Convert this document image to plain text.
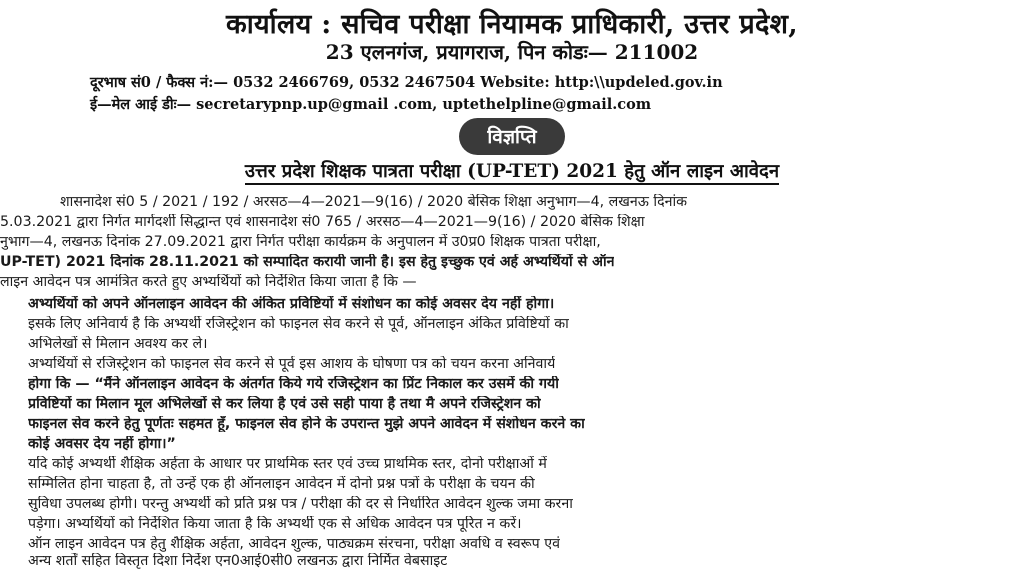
कार्यालय : सचिव परीक्षा नियामक प्राधिकारी, उत्तर प्रदेश,
23 एलनगंज, प्रयागराज, पिन कोडः— 211002
दूरभाष सं0 / फैक्स नं:— 0532 2466769, 0532 2467504 Website: http:\\updeled.gov.in
ई—मेल आई डीः— secretarypnp.up@gmail .com, uptethelpline@gmail.com
विज्ञप्ति
उत्तर प्रदेश शिक्षक पात्रता परीक्षा (UP-TET) 2021 हेतु ऑन लाइन आवेदन
शासनादेश सं0 5 / 2021 / 192 / अरसठ—4—2021—9(16) / 2020 बेसिक शिक्षा अनुभाग—4, लखनऊ दिनांक
5.03.2021 द्वारा निर्गत मार्गदर्शी सिद्धान्त एवं शासनादेश सं0 765 / अरसठ—4—2021—9(16) / 2020 बेसिक शिक्षा
नुभाग—4, लखनऊ दिनांक 27.09.2021 द्वारा निर्गत परीक्षा कार्यक्रम के अनुपालन में उ0प्र0 शिक्षक पात्रता परीक्षा,
UP-TET) 2021 दिनांक 28.11.2021 को सम्पादित करायी जानी है। इस हेतु इच्छुक एवं अर्ह अभ्यर्थियों से ऑन
लाइन आवेदन पत्र आमंत्रित करते हुए अभ्यर्थियों को निर्देशित किया जाता है कि —
अभ्यर्थियों को अपने ऑनलाइन आवेदन की अंकित प्रविष्टियों में संशोधन का कोई अवसर देय नहीं होगा।
इसके लिए अनिवार्य है कि अभ्यर्थी रजिस्ट्रेशन को फाइनल सेव करने से पूर्व, ऑनलाइन अंकित प्रविष्टियों का
अभिलेखों से मिलान अवश्य कर ले।
अभ्यर्थियों से रजिस्ट्रेशन को फाइनल सेव करने से पूर्व इस आशय के घोषणा पत्र को चयन करना अनिवार्य
होगा कि — “मैंने ऑनलाइन आवेदन के अंतर्गत किये गये रजिस्ट्रेशन का प्रिंट निकाल कर उसमें की गयी
प्रविष्टियों का मिलान मूल अभिलेखों से कर लिया है एवं उसे सही पाया है तथा मै अपने रजिस्ट्रेशन को
फाइनल सेव करने हेतु पूर्णतः सहमत हूँ, फाइनल सेव होने के उपरान्त मुझे अपने आवेदन में संशोधन करने का
कोई अवसर देय नहीं होगा।”
यदि कोई अभ्यर्थी शैक्षिक अर्हता के आधार पर प्राथमिक स्तर एवं उच्च प्राथमिक स्तर, दोनो परीक्षाओं में
सम्मिलित होना चाहता है, तो उन्हें एक ही ऑनलाइन आवेदन में दोनो प्रश्न पत्रों के परीक्षा के चयन की
सुविधा उपलब्ध होगी। परन्तु अभ्यर्थी को प्रति प्रश्न पत्र / परीक्षा की दर से निर्धारित आवेदन शुल्क जमा करना
पड़ेगा। अभ्यर्थियों को निर्देशित किया जाता है कि अभ्यर्थी एक से अधिक आवेदन पत्र पूरित न करें।
ऑन लाइन आवेदन पत्र हेतु शैक्षिक अर्हता, आवेदन शुल्क, पाठ्यक्रम संरचना, परीक्षा अवधि व स्वरूप एवं
अन्य शर्तों सहित विस्तृत दिशा निर्देश एन0आई0सी0 लखनऊ द्वारा निर्मित वेबसाइट
